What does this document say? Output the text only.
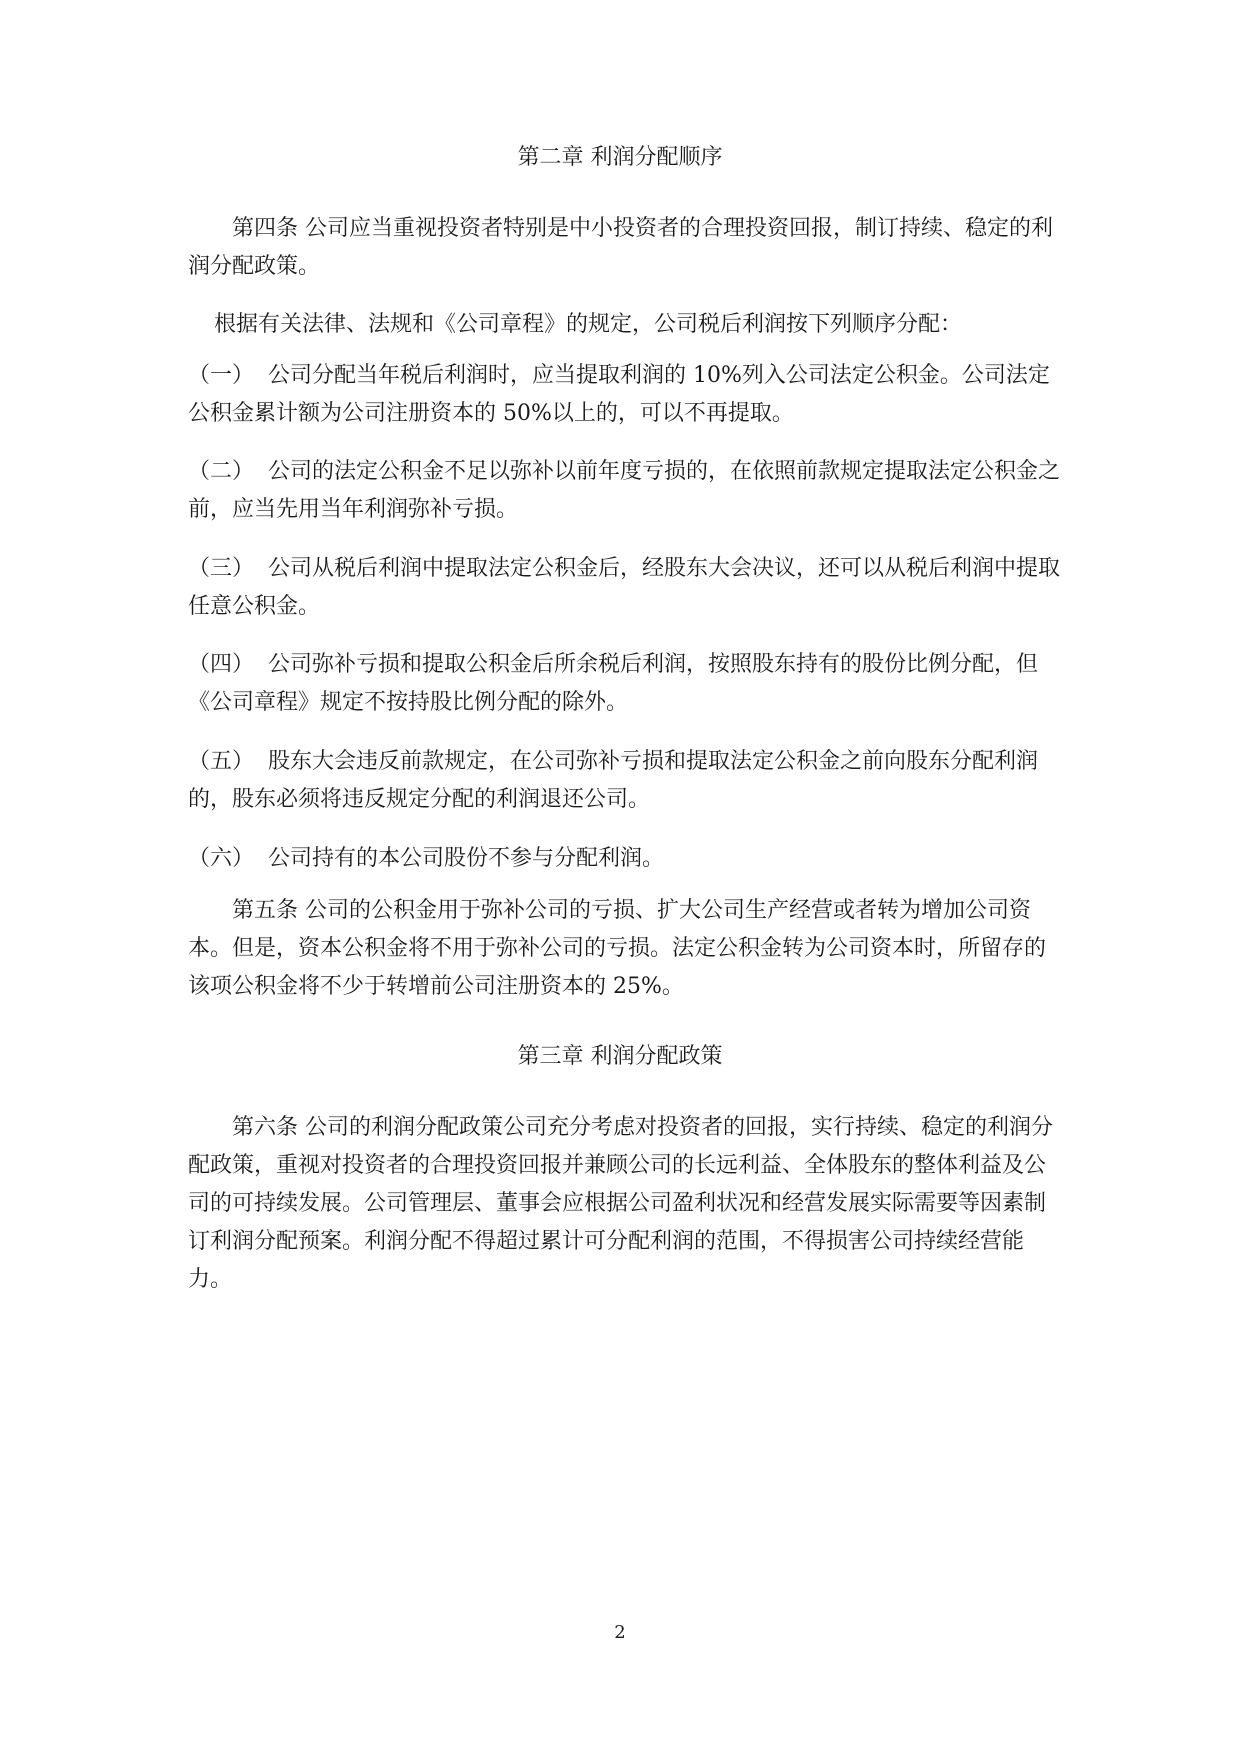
第二章 利润分配顺序

第四条 公司应当重视投资者特别是中小投资者的合理投资回报，制订持续、稳定的利润分配政策。

根据有关法律、法规和《公司章程》的规定，公司税后利润按下列顺序分配：

（一） 公司分配当年税后利润时，应当提取利润的 10%列入公司法定公积金。公司法定公积金累计额为公司注册资本的 50%以上的，可以不再提取。

（二） 公司的法定公积金不足以弥补以前年度亏损的，在依照前款规定提取法定公积金之前，应当先用当年利润弥补亏损。

（三） 公司从税后利润中提取法定公积金后，经股东大会决议，还可以从税后利润中提取任意公积金。

（四） 公司弥补亏损和提取公积金后所余税后利润，按照股东持有的股份比例分配，但《公司章程》规定不按持股比例分配的除外。

（五） 股东大会违反前款规定，在公司弥补亏损和提取法定公积金之前向股东分配利润的，股东必须将违反规定分配的利润退还公司。

（六） 公司持有的本公司股份不参与分配利润。

第五条 公司的公积金用于弥补公司的亏损、扩大公司生产经营或者转为增加公司资本。但是，资本公积金将不用于弥补公司的亏损。法定公积金转为公司资本时，所留存的该项公积金将不少于转增前公司注册资本的 25%。

第三章 利润分配政策

第六条 公司的利润分配政策公司充分考虑对投资者的回报，实行持续、稳定的利润分配政策，重视对投资者的合理投资回报并兼顾公司的长远利益、全体股东的整体利益及公司的可持续发展。公司管理层、董事会应根据公司盈利状况和经营发展实际需要等因素制订利润分配预案。利润分配不得超过累计可分配利润的范围，不得损害公司持续经营能力。

2
